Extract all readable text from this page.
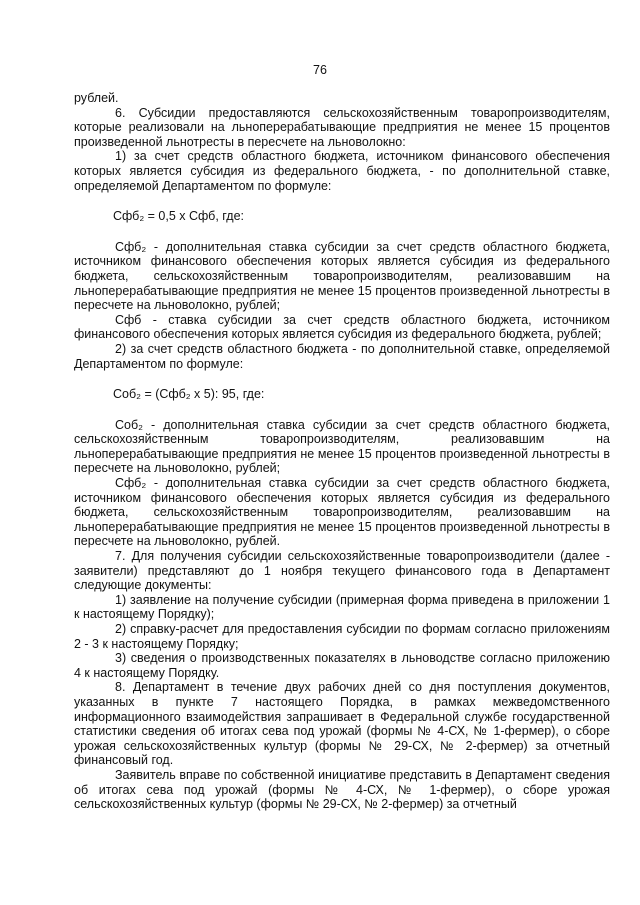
76

рублей.

6. Субсидии предоставляются сельскохозяйственным товаропроизводителям, которые реализовали на льноперерабатывающие предприятия не менее 15 процентов произведенной льнотресты в пересчете на льноволокно:

1) за счет средств областного бюджета, источником финансового обеспечения которых является субсидия из федерального бюджета, - по дополнительной ставке, определяемой Департаментом по формуле:

Сфб₂ = 0,5 х Сфб, где:

Сфб₂ - дополнительная ставка субсидии за счет средств областного бюджета, источником финансового обеспечения которых является субсидия из федерального бюджета, сельскохозяйственным товаропроизводителям, реализовавшим на льноперерабатывающие предприятия не менее 15 процентов произведенной льнотресты в пересчете на льноволокно, рублей;

Сфб - ставка субсидии за счет средств областного бюджета, источником финансового обеспечения которых является субсидия из федерального бюджета, рублей;

2) за счет средств областного бюджета - по дополнительной ставке, определяемой Департаментом по формуле:

Соб₂ = (Сфб₂ х 5): 95, где:

Соб₂ - дополнительная ставка субсидии за счет средств областного бюджета, сельскохозяйственным товаропроизводителям, реализовавшим на льноперерабатывающие предприятия не менее 15 процентов произведенной льнотресты в пересчете на льноволокно, рублей;

Сфб₂ - дополнительная ставка субсидии за счет средств областного бюджета, источником финансового обеспечения которых является субсидия из федерального бюджета, сельскохозяйственным товаропроизводителям, реализовавшим на льноперерабатывающие предприятия не менее 15 процентов произведенной льнотресты в пересчете на льноволокно, рублей.

7. Для получения субсидии сельскохозяйственные товаропроизводители (далее - заявители) представляют до 1 ноября текущего финансового года в Департамент следующие документы:

1) заявление на получение субсидии (примерная форма приведена в приложении 1 к настоящему Порядку);

2) справку-расчет для предоставления субсидии по формам согласно приложениям 2 - 3 к настоящему Порядку;

3) сведения о производственных показателях в льноводстве согласно приложению 4 к настоящему Порядку.

8. Департамент в течение двух рабочих дней со дня поступления документов, указанных в пункте 7 настоящего Порядка, в рамках межведомственного информационного взаимодействия запрашивает в Федеральной службе государственной статистики сведения об итогах сева под урожай (формы № 4-СХ, № 1-фермер), о сборе урожая сельскохозяйственных культур (формы № 29-СХ, № 2-фермер) за отчетный финансовый год.

Заявитель вправе по собственной инициативе представить в Департамент сведения об итогах сева под урожай (формы № 4-СХ, № 1-фермер), о сборе урожая сельскохозяйственных культур (формы № 29-СХ, № 2-фермер) за отчетный
